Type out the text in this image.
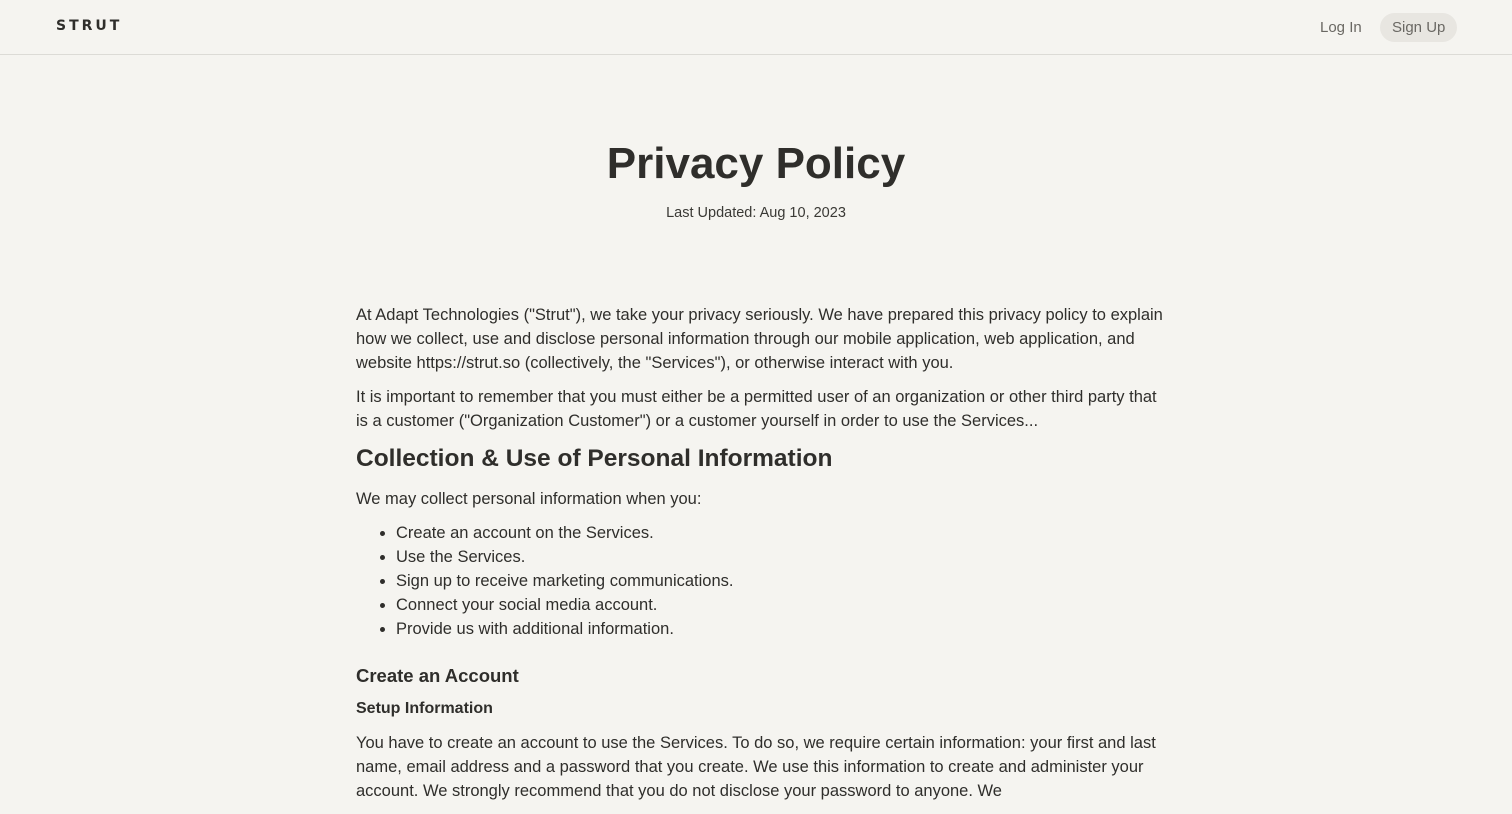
STRUT	Log In	Sign Up
Privacy Policy
Last Updated: Aug 10, 2023

At Adapt Technologies ("Strut"), we take your privacy seriously. We have prepared this privacy policy to explain how we collect, use and disclose personal information through our mobile application, web application, and website https://strut.so (collectively, the "Services"), or otherwise interact with you.

It is important to remember that you must either be a permitted user of an organization or other third party that is a customer ("Organization Customer") or a customer yourself in order to use the Services...

Collection & Use of Personal Information

We may collect personal information when you:

• Create an account on the Services.
• Use the Services.
• Sign up to receive marketing communications.
• Connect your social media account.
• Provide us with additional information.
Create an Account
Setup Information

You have to create an account to use the Services. To do so, we require certain information: your first and last name, email address and a password that you create. We use this information to create and administer your account. We strongly recommend that you do not disclose your password to anyone. We
